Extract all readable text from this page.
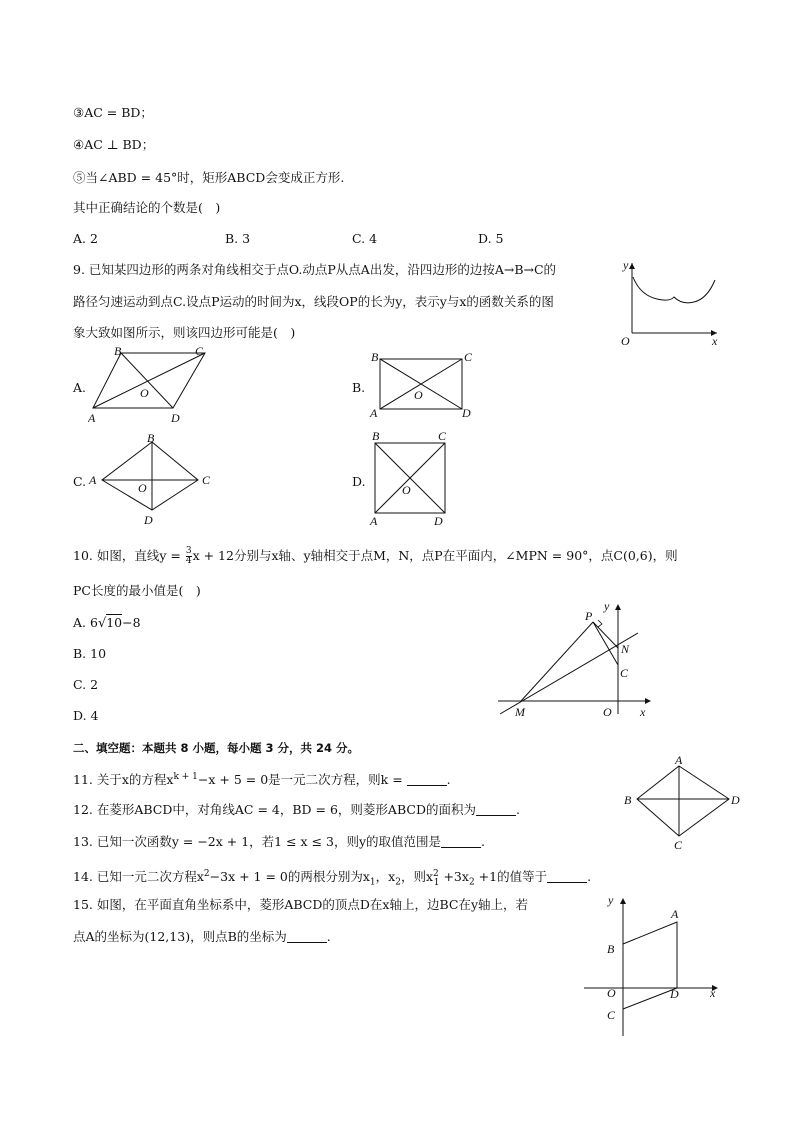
③AC = BD；
④AC ⊥ BD；
⑤当∠ABD = 45°时，矩形ABCD会变成正方形.
其中正确结论的个数是(　)
A. 2	B. 3	C. 4	D. 5
9. 已知某四边形的两条对角线相交于点O.动点P从点A出发，沿四边形的边按A→B→C的
路径匀速运动到点C.设点P运动的时间为x，线段OP的长为y，表示y与x的函数关系的图
象大致如图所示，则该四边形可能是(　)
y
x
O
A.
B	C
O
A	D
B.
B	C
O
A	D
C.
B
A	C
O
D
D.
B	C
O
A	D
10. 如图，直线$y = \frac{3}{4}$ x + 12分别与x轴、y轴相交于点M，N，点P在平面内，∠MPN = 90°，点C(0,6)，则
PC长度的最小值是(　)
A. 6√10−8
B. 10
C. 2
D. 4
P
y
N
C
M	O x
二、填空题：本题共 8 小题，每小题 3 分，共 24 分。
11. 关于x的方程$x^{k + 1}-x + 5 = 0$是一元二次方程，则k =	.
12. 在菱形ABCD中，对角线AC = 4，BD = 6，则菱形ABCD的面积为	.
13. 已知一次函数y = −2x + 1，若1 ≤ x ≤ 3，则y的取值范围是	.
14. 已知一元二次方程$x^2-3x + 1 = 0$的两根分别为$x_1$，$x_2$，则$x^2_1 +3x_2 +1$的值等于	.
15. 如图，在平面直角坐标系中，菱形ABCD的顶点D在x轴上，边BC在y轴上，若
点A的坐标为(12,13)，则点B的坐标为	.
A
B	D
C
y
A
B
O	D	x
C
